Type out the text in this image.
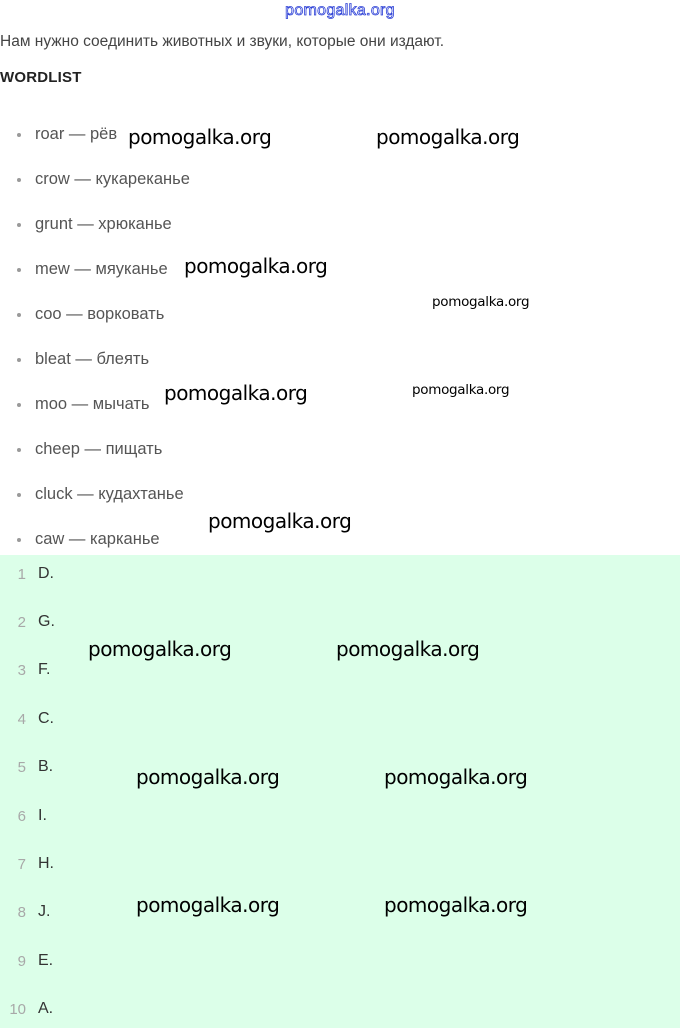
pomogalka.org
Нам нужно соединить животных и звуки, которые они издают.
WORDLIST
roar — рёв
crow — кукареканье
grunt — хрюканье
mew — мяуканье
coo — ворковать
bleat — блеять
moo — мычать
cheep — пищать
cluck — кудахтанье
caw — карканье
1 D.
2 G.
3 F.
4 C.
5 B.
6 I.
7 H.
8 J.
9 E.
10 A.
pomogalka.org	pomogalka.org
pomogalka.org
pomogalka.org
pomogalka.org	pomogalka.org
pomogalka.org
pomogalka.org	pomogalka.org
pomogalka.org	pomogalka.org
pomogalka.org	pomogalka.org
